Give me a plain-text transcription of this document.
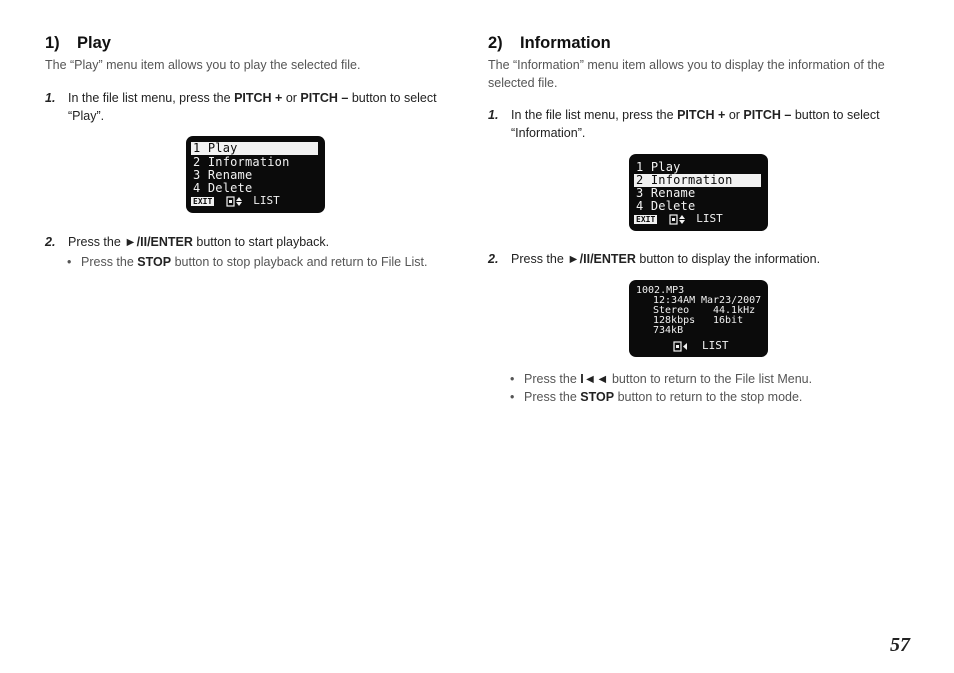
1) Play
The “Play” menu item allows you to play the selected file.
1. In the file list menu, press the PITCH + or PITCH – button to select “Play”.
1 Play
2 Information
3 Rename
4 Delete
EXIT	LIST
2. Press the ►/II/ENTER button to start playback.
• Press the STOP button to stop playback and return to File List.
2) Information
The “Information” menu item allows you to display the information of the selected file.
1. In the file list menu, press the PITCH + or PITCH – button to select “Information”.
1 Play
2 Information
3 Rename
4 Delete
EXIT	LIST
2. Press the ►/II/ENTER button to display the information.
1002.MP3
12:34AM Mar23/2007
Stereo 44.1kHz
128kbps 16bit
734kB
LIST
• Press the I◄◄ button to return to the File list Menu.
• Press the STOP button to return to the stop mode.
57
